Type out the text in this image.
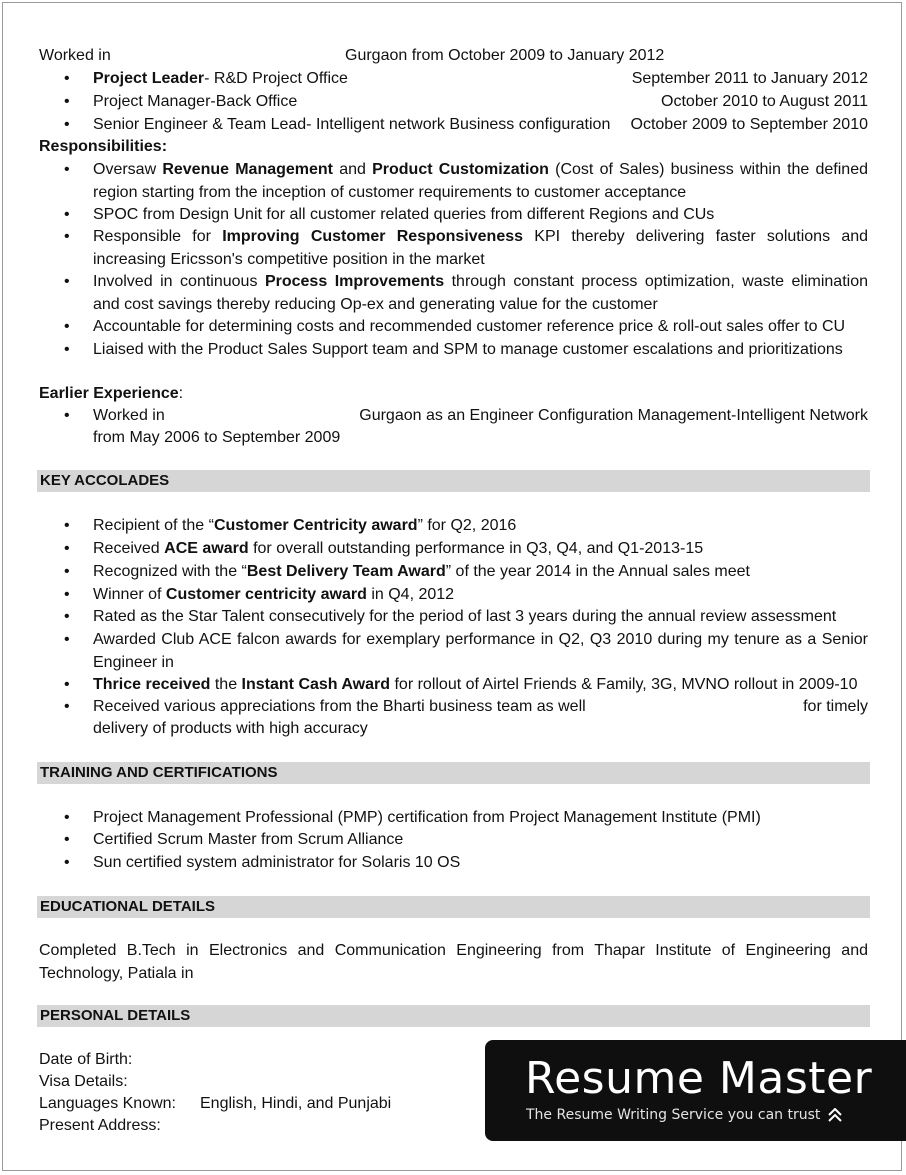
Worked in	Gurgaon from October 2009 to January 2012
•
Project Leader- R&D Project Office	September 2011 to January 2012
•
Project Manager-Back Office	October 2010 to August 2011
•
Senior Engineer & Team Lead- Intelligent network Business configuration October 2009 to September 2010
Responsibilities:
•
Oversaw Revenue Management and Product Customization (Cost of Sales) business within the defined region starting from the inception of customer requirements to customer acceptance
•
SPOC from Design Unit for all customer related queries from different Regions and CUs
•
Responsible for Improving Customer Responsiveness KPI thereby delivering faster solutions and increasing Ericsson's competitive position in the market
•
Involved in continuous Process Improvements through constant process optimization, waste elimination and cost savings thereby reducing Op-ex and generating value for the customer
•
Accountable for determining costs and recommended customer reference price & roll-out sales offer to CU
•
Liaised with the Product Sales Support team and SPM to manage customer escalations and prioritizations
Earlier Experience:
•
Worked in	Gurgaon as an Engineer Configuration Management-Intelligent Network
from May 2006 to September 2009
KEY ACCOLADES
•
Recipient of the “Customer Centricity award” for Q2, 2016
•
Received ACE award for overall outstanding performance in Q3, Q4, and Q1-2013-15
•
Recognized with the “Best Delivery Team Award” of the year 2014 in the Annual sales meet
•
Winner of Customer centricity award in Q4, 2012
•
Rated as the Star Talent consecutively for the period of last 3 years during the annual review assessment
•
Awarded Club ACE falcon awards for exemplary performance in Q2, Q3 2010 during my tenure as a Senior Engineer in
•
Thrice received the Instant Cash Award for rollout of Airtel Friends & Family, 3G, MVNO rollout in 2009-10
•
Received various appreciations from the Bharti business team as well	for timely
delivery of products with high accuracy
TRAINING AND CERTIFICATIONS
•
Project Management Professional (PMP) certification from Project Management Institute (PMI)
•
Certified Scrum Master from Scrum Alliance
•
Sun certified system administrator for Solaris 10 OS
EDUCATIONAL DETAILS
Completed B.Tech in Electronics and Communication Engineering from Thapar Institute of Engineering and Technology, Patiala in
PERSONAL DETAILS
Date of Birth:
Visa Details:
Languages Known: English, Hindi, and Punjabi
Present Address:
Resume Master
The Resume Writing Service you can trust
